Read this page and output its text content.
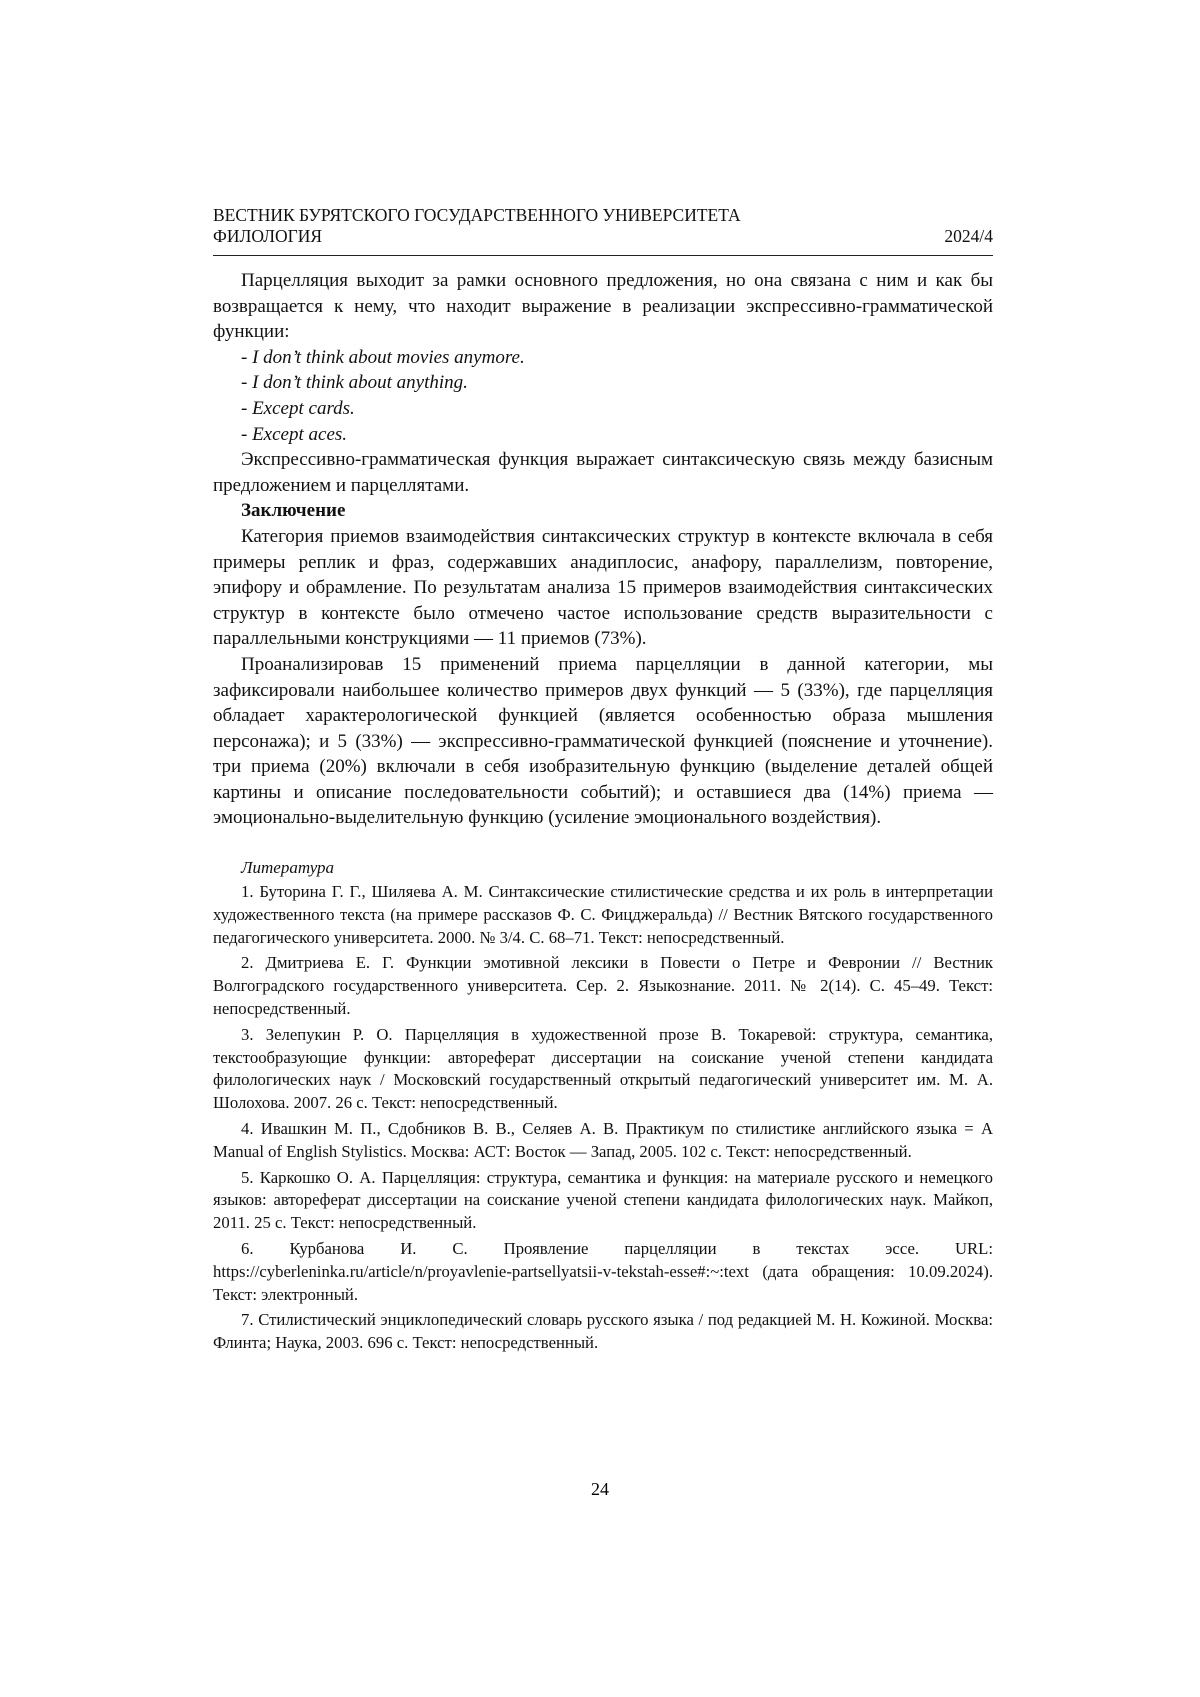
ВЕСТНИК БУРЯТСКОГО ГОСУДАРСТВЕННОГО УНИВЕРСИТЕТА
ФИЛОЛОГИЯ	2024/4

Парцелляция выходит за рамки основного предложения, но она связана с ним и как бы возвращается к нему, что находит выражение в реализации экспрессивно-грамматической функции:

- I don’t think about movies anymore.
- I don’t think about anything.
- Except cards.
- Except aces.

Экспрессивно-грамматическая функция выражает синтаксическую связь между базисным предложением и парцеллятами.

Заключение

Категория приемов взаимодействия синтаксических структур в контексте включала в себя примеры реплик и фраз, содержавших анадиплосис, анафору, параллелизм, повторение, эпифору и обрамление. По результатам анализа 15 примеров взаимодействия синтаксических структур в контексте было отмечено частое использование средств выразительности с параллельными конструкциями — 11 приемов (73%).

Проанализировав 15 применений приема парцелляции в данной категории, мы зафиксировали наибольшее количество примеров двух функций — 5 (33%), где парцелляция обладает характерологической функцией (является особенностью образа мышления персонажа); и 5 (33%) — экспрессивно-грамматической функцией (пояснение и уточнение). три приема (20%) включали в себя изобразительную функцию (выделение деталей общей картины и описание последовательности событий); и оставшиеся два (14%) приема — эмоционально-выделительную функцию (усиление эмоционального воздействия).

Литература
1. Буторина Г. Г., Шиляева А. М. Синтаксические стилистические средства и их роль в интерпретации художественного текста (на примере рассказов Ф. С. Фицджеральда) // Вестник Вятского государственного педагогического университета. 2000. № 3/4. С. 68–71. Текст: непосредственный.
2. Дмитриева Е. Г. Функции эмотивной лексики в Повести о Петре и Февронии // Вестник Волгоградского государственного университета. Сер. 2. Языкознание. 2011. № 2(14). С. 45–49. Текст: непосредственный.
3. Зелепукин Р. О. Парцелляция в художественной прозе В. Токаревой: структура, семантика, текстообразующие функции: автореферат диссертации на соискание ученой степени кандидата филологических наук / Московский государственный открытый педагогический университет им. М. А. Шолохова. 2007. 26 с. Текст: непосредственный.
4. Ивашкин М. П., Сдобников В. В., Селяев А. В. Практикум по стилистике английского языка = A Manual of English Stylistics. Москва: АСТ: Восток — Запад, 2005. 102 с. Текст: непосредственный.
5. Каркошко О. А. Парцелляция: структура, семантика и функция: на материале русского и немецкого языков: автореферат диссертации на соискание ученой степени кандидата филологических наук. Майкоп, 2011. 25 с. Текст: непосредственный.
6. Курбанова И. С. Проявление парцелляции в текстах эссе. URL: https://cyberleninka.ru/article/n/proyavlenie-partsellyatsii-v-tekstah-esse#:~:text (дата обращения: 10.09.2024). Текст: электронный.
7. Стилистический энциклопедический словарь русского языка / под редакцией М. Н. Кожиной. Москва: Флинта; Наука, 2003. 696 с. Текст: непосредственный.
24
